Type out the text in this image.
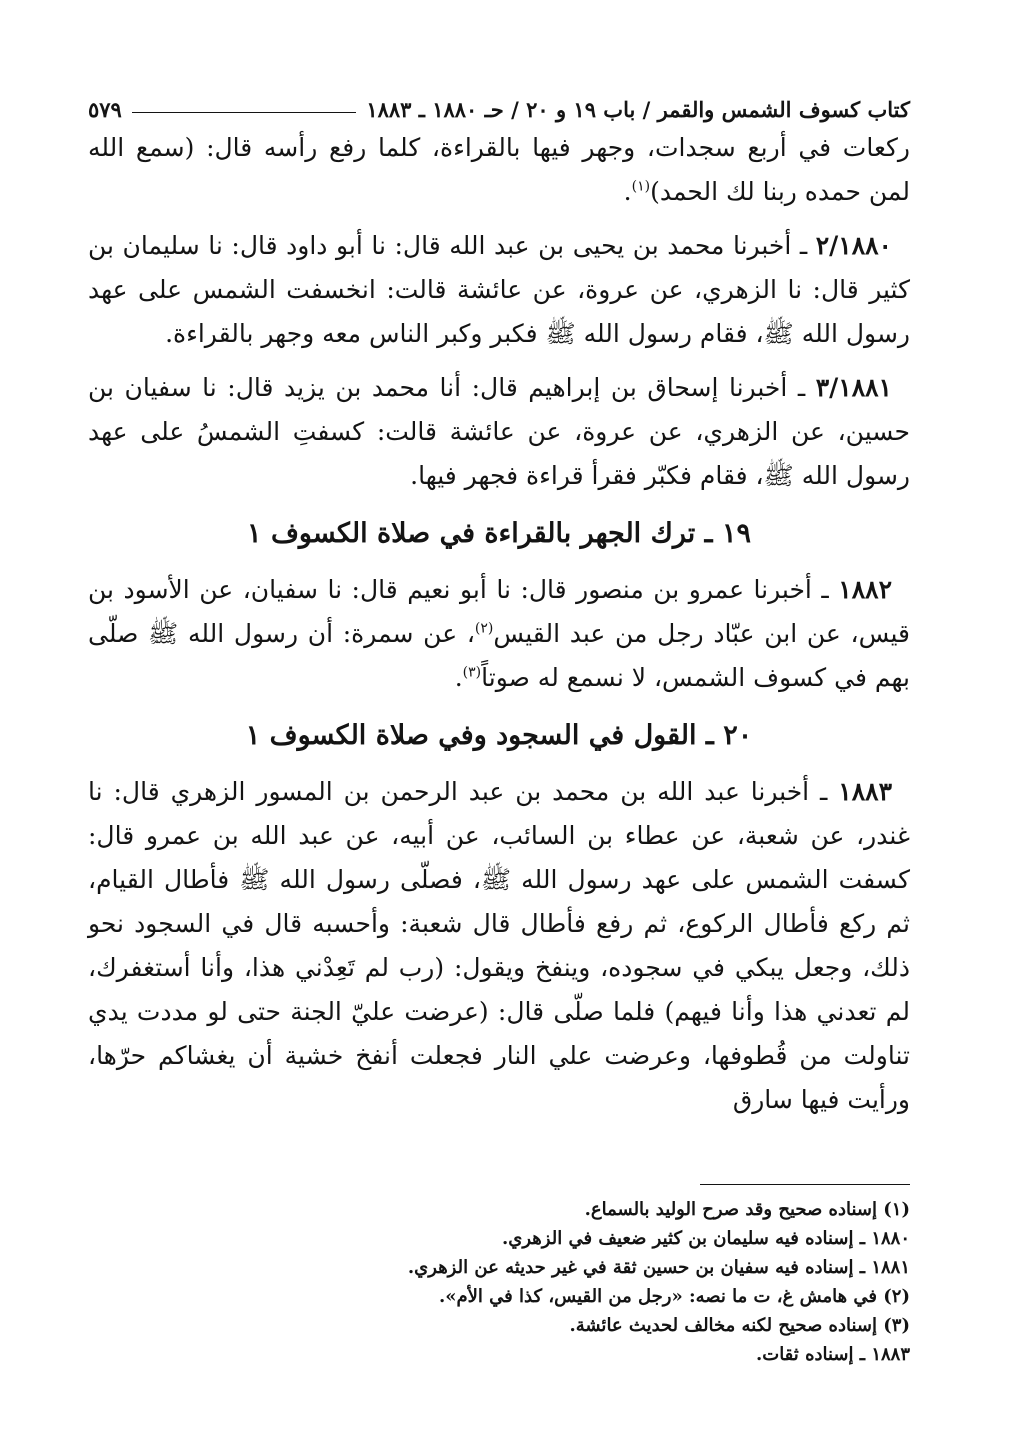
كتاب كسوف الشمس والقمر / باب ١٩ و ٢٠ / حـ ١٨٨٠ ـ ١٨٨٣
٥٧٩

ركعات في أربع سجدات، وجهر فيها بالقراءة، كلما رفع رأسه قال: (سمع الله لمن حمده ربنا لك الحمد)$^{(١)}$.

٢/١٨٨٠ ـ أخبرنا محمد بن يحيى بن عبد الله قال: نا أبو داود قال: نا سليمان بن كثير قال: نا الزهري، عن عروة، عن عائشة قالت: انخسفت الشمس على عهد رسول الله ﷺ، فقام رسول الله ﷺ فكبر وكبر الناس معه وجهر بالقراءة.

٣/١٨٨١ ـ أخبرنا إسحاق بن إبراهيم قال: أنا محمد بن يزيد قال: نا سفيان بن حسين، عن الزهري، عن عروة، عن عائشة قالت: كسفتِ الشمسُ على عهد رسول الله ﷺ، فقام فكبّر فقرأ قراءة فجهر فيها.

١٩ ـ ترك الجهر بالقراءة في صلاة الكسوف ١

١٨٨٢ ـ أخبرنا عمرو بن منصور قال: نا أبو نعيم قال: نا سفيان، عن الأسود بن قيس، عن ابن عبّاد رجل من عبد القيس$^{(٢)}$، عن سمرة: أن رسول الله ﷺ صلّى بهم في كسوف الشمس، لا نسمع له صوتاً$^{(٣)}$.

٢٠ ـ القول في السجود وفي صلاة الكسوف ١

١٨٨٣ ـ أخبرنا عبد الله بن محمد بن عبد الرحمن بن المسور الزهري قال: نا غندر، عن شعبة، عن عطاء بن السائب، عن أبيه، عن عبد الله بن عمرو قال: كسفت الشمس على عهد رسول الله ﷺ، فصلّى رسول الله ﷺ فأطال القيام، ثم ركع فأطال الركوع، ثم رفع فأطال قال شعبة: وأحسبه قال في السجود نحو ذلك، وجعل يبكي في سجوده، وينفخ ويقول: (رب لم تَعِدْني هذا، وأنا أستغفرك، لم تعدني هذا وأنا فيهم) فلما صلّى قال: (عرضت عليّ الجنة حتى لو مددت يدي تناولت من قُطوفها، وعرضت علي النار فجعلت أنفخ خشية أن يغشاكم حرّها، ورأيت فيها سارق

(١) إسناده صحيح وقد صرح الوليد بالسماع.
١٨٨٠ ـ إسناده فيه سليمان بن كثير ضعيف في الزهري.
١٨٨١ ـ إسناده فيه سفيان بن حسين ثقة في غير حديثه عن الزهري.
(٢) في هامش غ، ت ما نصه: «رجل من القيس، كذا في الأم».
(٣) إسناده صحيح لكنه مخالف لحديث عائشة.
١٨٨٣ ـ إسناده ثقات.
